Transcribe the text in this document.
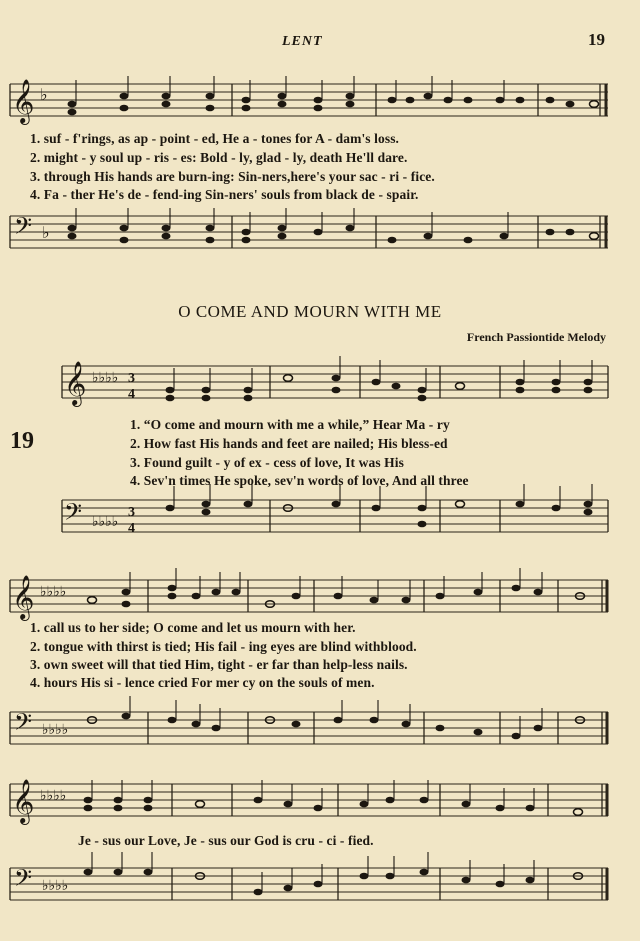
LENT	19
𝄞 ♭
1. suf - f'rings, as ap - point - ed, He a - tones for A - dam's loss.
2. might - y soul up - ris - es: Bold - ly, glad - ly, death He'll dare.
3. through His hands are burn-ing: Sin-ners,here's your sac - ri - fice.
4. Fa - ther He's de - fend-ing Sin-ners' souls from black de - spair.
𝄢 ♭
O COME AND MOURN WITH ME
French Passiontide Melody
19
𝄞 ♭♭♭♭ 3
4
1. “O come and mourn with me a while,” Hear Ma - ry
2. How fast His hands and feet are nailed; His bless-ed
3. Found guilt - y of ex - cess of love, It was His
4. Sev'n times He spoke, sev'n words of love, And all three
𝄢 ♭♭♭♭
3
4
𝄞 ♭♭♭♭
1. call us to her side; O come and let us mourn with her.
2. tongue with thirst is tied; His fail - ing eyes are blind withblood.
3. own sweet will that tied Him, tight - er far than help-less nails.
4. hours His si - lence cried For mer cy on the souls of men.
𝄢 ♭♭♭♭
𝄞 ♭♭♭♭
Je - sus our Love, Je - sus our God is cru - ci - fied.
𝄢 ♭♭♭♭
